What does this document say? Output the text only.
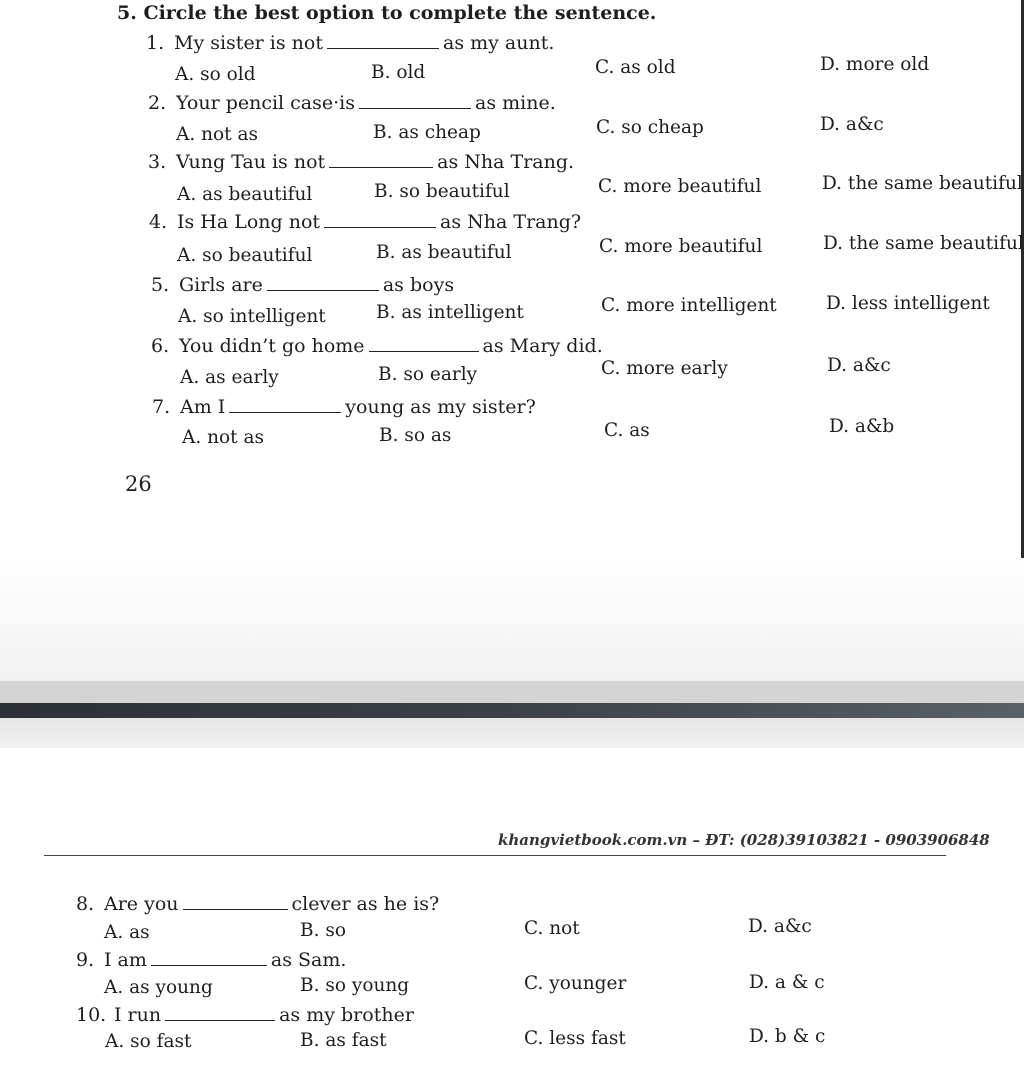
5. Circle the best option to complete the sentence.
1. My sister is not	as my aunt.
A. so old	B. old	C. as old	D. more old
2. Your pencil case·is	as mine.
A. not as	B. as cheap	C. so cheap	D. a&c
3. Vung Tau is not	as Nha Trang.
A. as beautiful	B. so beautiful	C. more beautiful	D. the same beautiful
4. Is Ha Long not	as Nha Trang?
A. so beautiful	B. as beautiful	C. more beautiful	D. the same beautiful
5. Girls are	as boys
A. so intelligent	B. as intelligent	C. more intelligent	D. less intelligent
6. You didn’t go home	as Mary did.
A. as early	B. so early	C. more early	D. a&c
7. Am I	young as my sister?
A. not as	B. so as	C. as	D. a&b
26
khangvietbook.com.vn – ĐT: (028)39103821 - 0903906848
8. Are you	clever as he is?
A. as	B. so	C. not	D. a&c
9. I am	as Sam.
A. as young	B. so young	C. younger	D. a & c
10. I run	as my brother
A. so fast	B. as fast	C. less fast	D. b & c
